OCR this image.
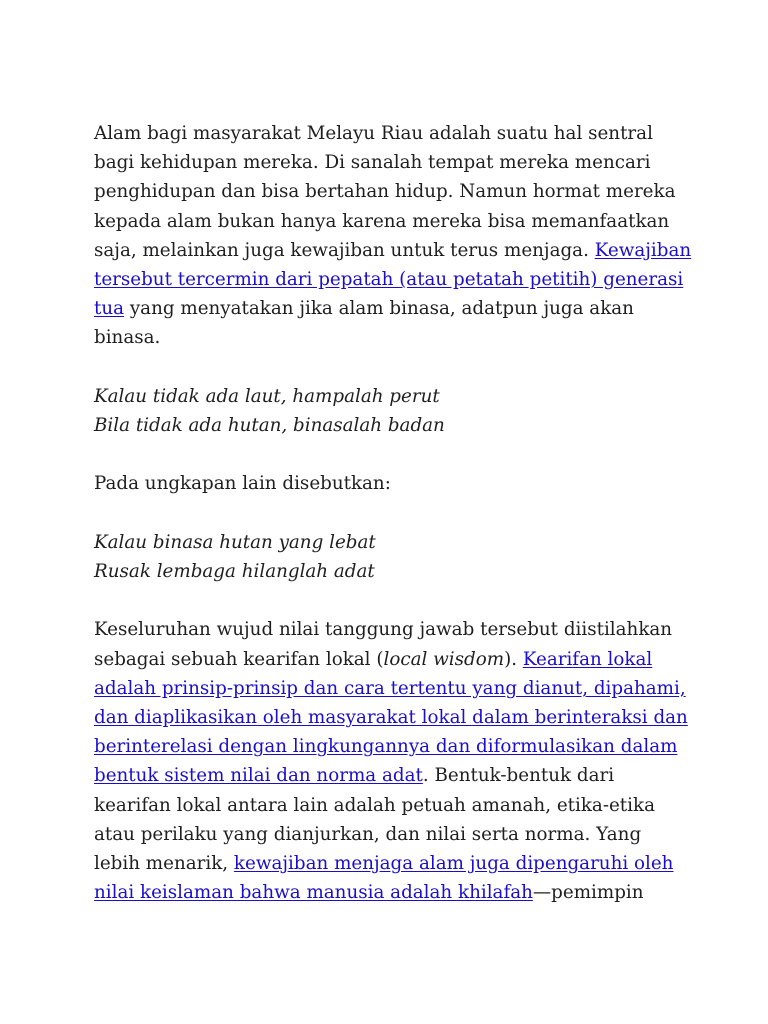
Alam bagi masyarakat Melayu Riau adalah suatu hal sentral
bagi kehidupan mereka. Di sanalah tempat mereka mencari
penghidupan dan bisa bertahan hidup. Namun hormat mereka
kepada alam bukan hanya karena mereka bisa memanfaatkan
saja, melainkan juga kewajiban untuk terus menjaga. Kewajiban
tersebut tercermin dari pepatah (atau petatah petitih) generasi
tua yang menyatakan jika alam binasa, adatpun juga akan
binasa.
Kalau tidak ada laut, hampalah perut
Bila tidak ada hutan, binasalah badan
Pada ungkapan lain disebutkan:
Kalau binasa hutan yang lebat
Rusak lembaga hilanglah adat
Keseluruhan wujud nilai tanggung jawab tersebut diistilahkan
sebagai sebuah kearifan lokal (local wisdom). Kearifan lokal
adalah prinsip-prinsip dan cara tertentu yang dianut, dipahami,
dan diaplikasikan oleh masyarakat lokal dalam berinteraksi dan
berinterelasi dengan lingkungannya dan diformulasikan dalam
bentuk sistem nilai dan norma adat. Bentuk-bentuk dari
kearifan lokal antara lain adalah petuah amanah, etika-etika
atau perilaku yang dianjurkan, dan nilai serta norma. Yang
lebih menarik, kewajiban menjaga alam juga dipengaruhi oleh
nilai keislaman bahwa manusia adalah khilafah—pemimpin
